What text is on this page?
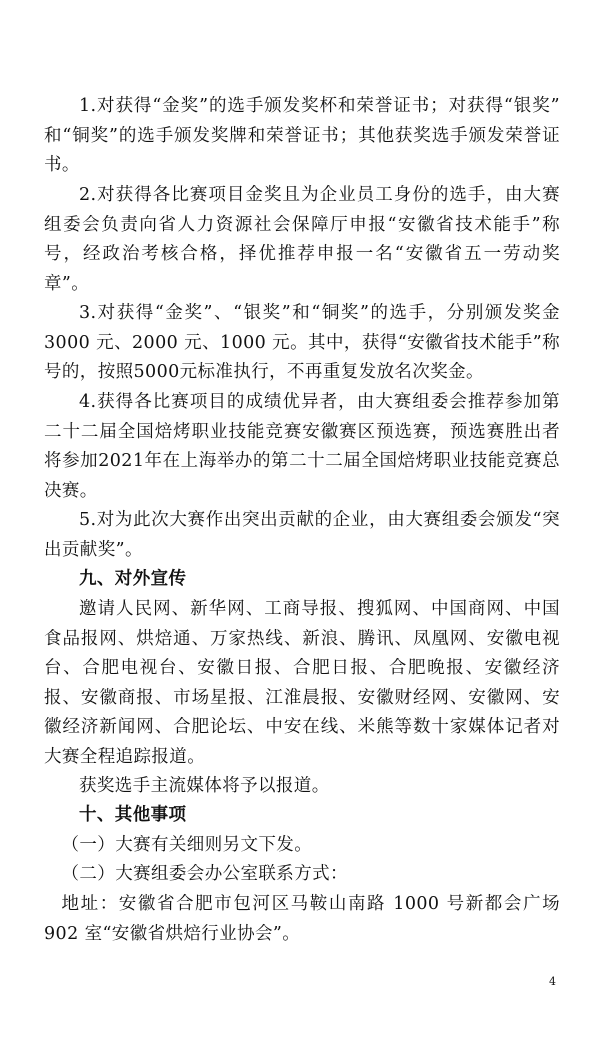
1.对获得“金奖”的选手颁发奖杯和荣誉证书；对获得“银奖” 和“铜奖”的选手颁发奖牌和荣誉证书；其他获奖选手颁发荣誉证书。

2.对获得各比赛项目金奖且为企业员工身份的选手，由大赛组委会负责向省人力资源社会保障厅申报“安徽省技术能手”称号，经政治考核合格，择优推荐申报一名“安徽省五一劳动奖章”。

3.对获得“金奖”、“银奖”和“铜奖”的选手，分别颁发奖金 3000 元、2000 元、1000 元。其中，获得“安徽省技术能手”称号的，按照5000元标准执行，不再重复发放名次奖金。

4.获得各比赛项目的成绩优异者，由大赛组委会推荐参加第二十二届全国焙烤职业技能竞赛安徽赛区预选赛，预选赛胜出者将参加2021年在上海举办的第二十二届全国焙烤职业技能竞赛总决赛。

5.对为此次大赛作出突出贡献的企业，由大赛组委会颁发“突出贡献奖”。

九、对外宣传

邀请人民网、新华网、工商导报、搜狐网、中国商网、中国食品报网、烘焙通、万家热线、新浪、腾讯、凤凰网、安徽电视台、合肥电视台、安徽日报、合肥日报、合肥晚报、安徽经济报、安徽商报、市场星报、江淮晨报、安徽财经网、安徽网、安徽经济新闻网、合肥论坛、中安在线、米熊等数十家媒体记者对大赛全程追踪报道。

获奖选手主流媒体将予以报道。

十、其他事项

（一）大赛有关细则另文下发。

（二）大赛组委会办公室联系方式：

地址：安徽省合肥市包河区马鞍山南路 1000 号新都会广场902 室“安徽省烘焙行业协会”。

4
